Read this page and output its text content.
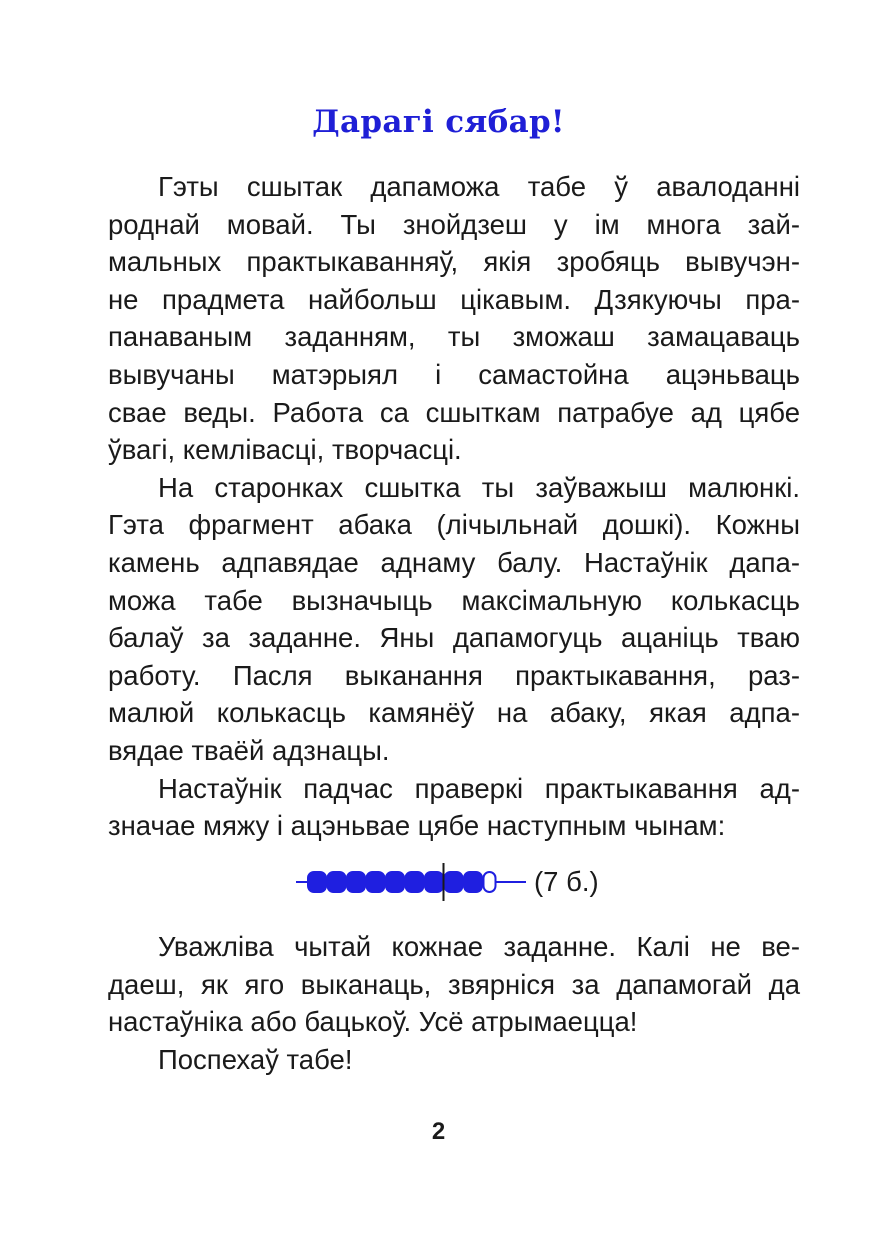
Дарагі сябар!
Гэты сшытак дапаможа табе ў авалоданні
роднай мовай. Ты знойдзеш у ім многа зай-
мальных практыкаванняў, якія зробяць вывучэн-
не прадмета найбольш цікавым. Дзякуючы пра-
панаваным заданням, ты зможаш замацаваць
вывучаны матэрыял і самастойна ацэньваць
свае веды. Работа са сшыткам патрабуе ад цябе
ўвагі, кемлівасці, творчасці.
На старонках сшытка ты заўважыш малюнкі.
Гэта фрагмент абака (лічыльнай дошкі). Кожны
камень адпавядае аднаму балу. Настаўнік дапа-
можа табе вызначыць максімальную колькасць
балаў за заданне. Яны дапамогуць ацаніць тваю
работу. Пасля выканання практыкавання, раз-
малюй колькасць камянёў на абаку, якая адпа-
вядае тваёй адзнацы.
Настаўнік падчас праверкі практыкавання ад-
значае мяжу і ацэньвае цябе наступным чынам:
(7 б.)
Уважліва чытай кожнае заданне. Калі не ве-
даеш, як яго выканаць, звярніся за дапамогай да
настаўніка або бацькоў. Усё атрымаецца!
Поспехаў табе!
2
